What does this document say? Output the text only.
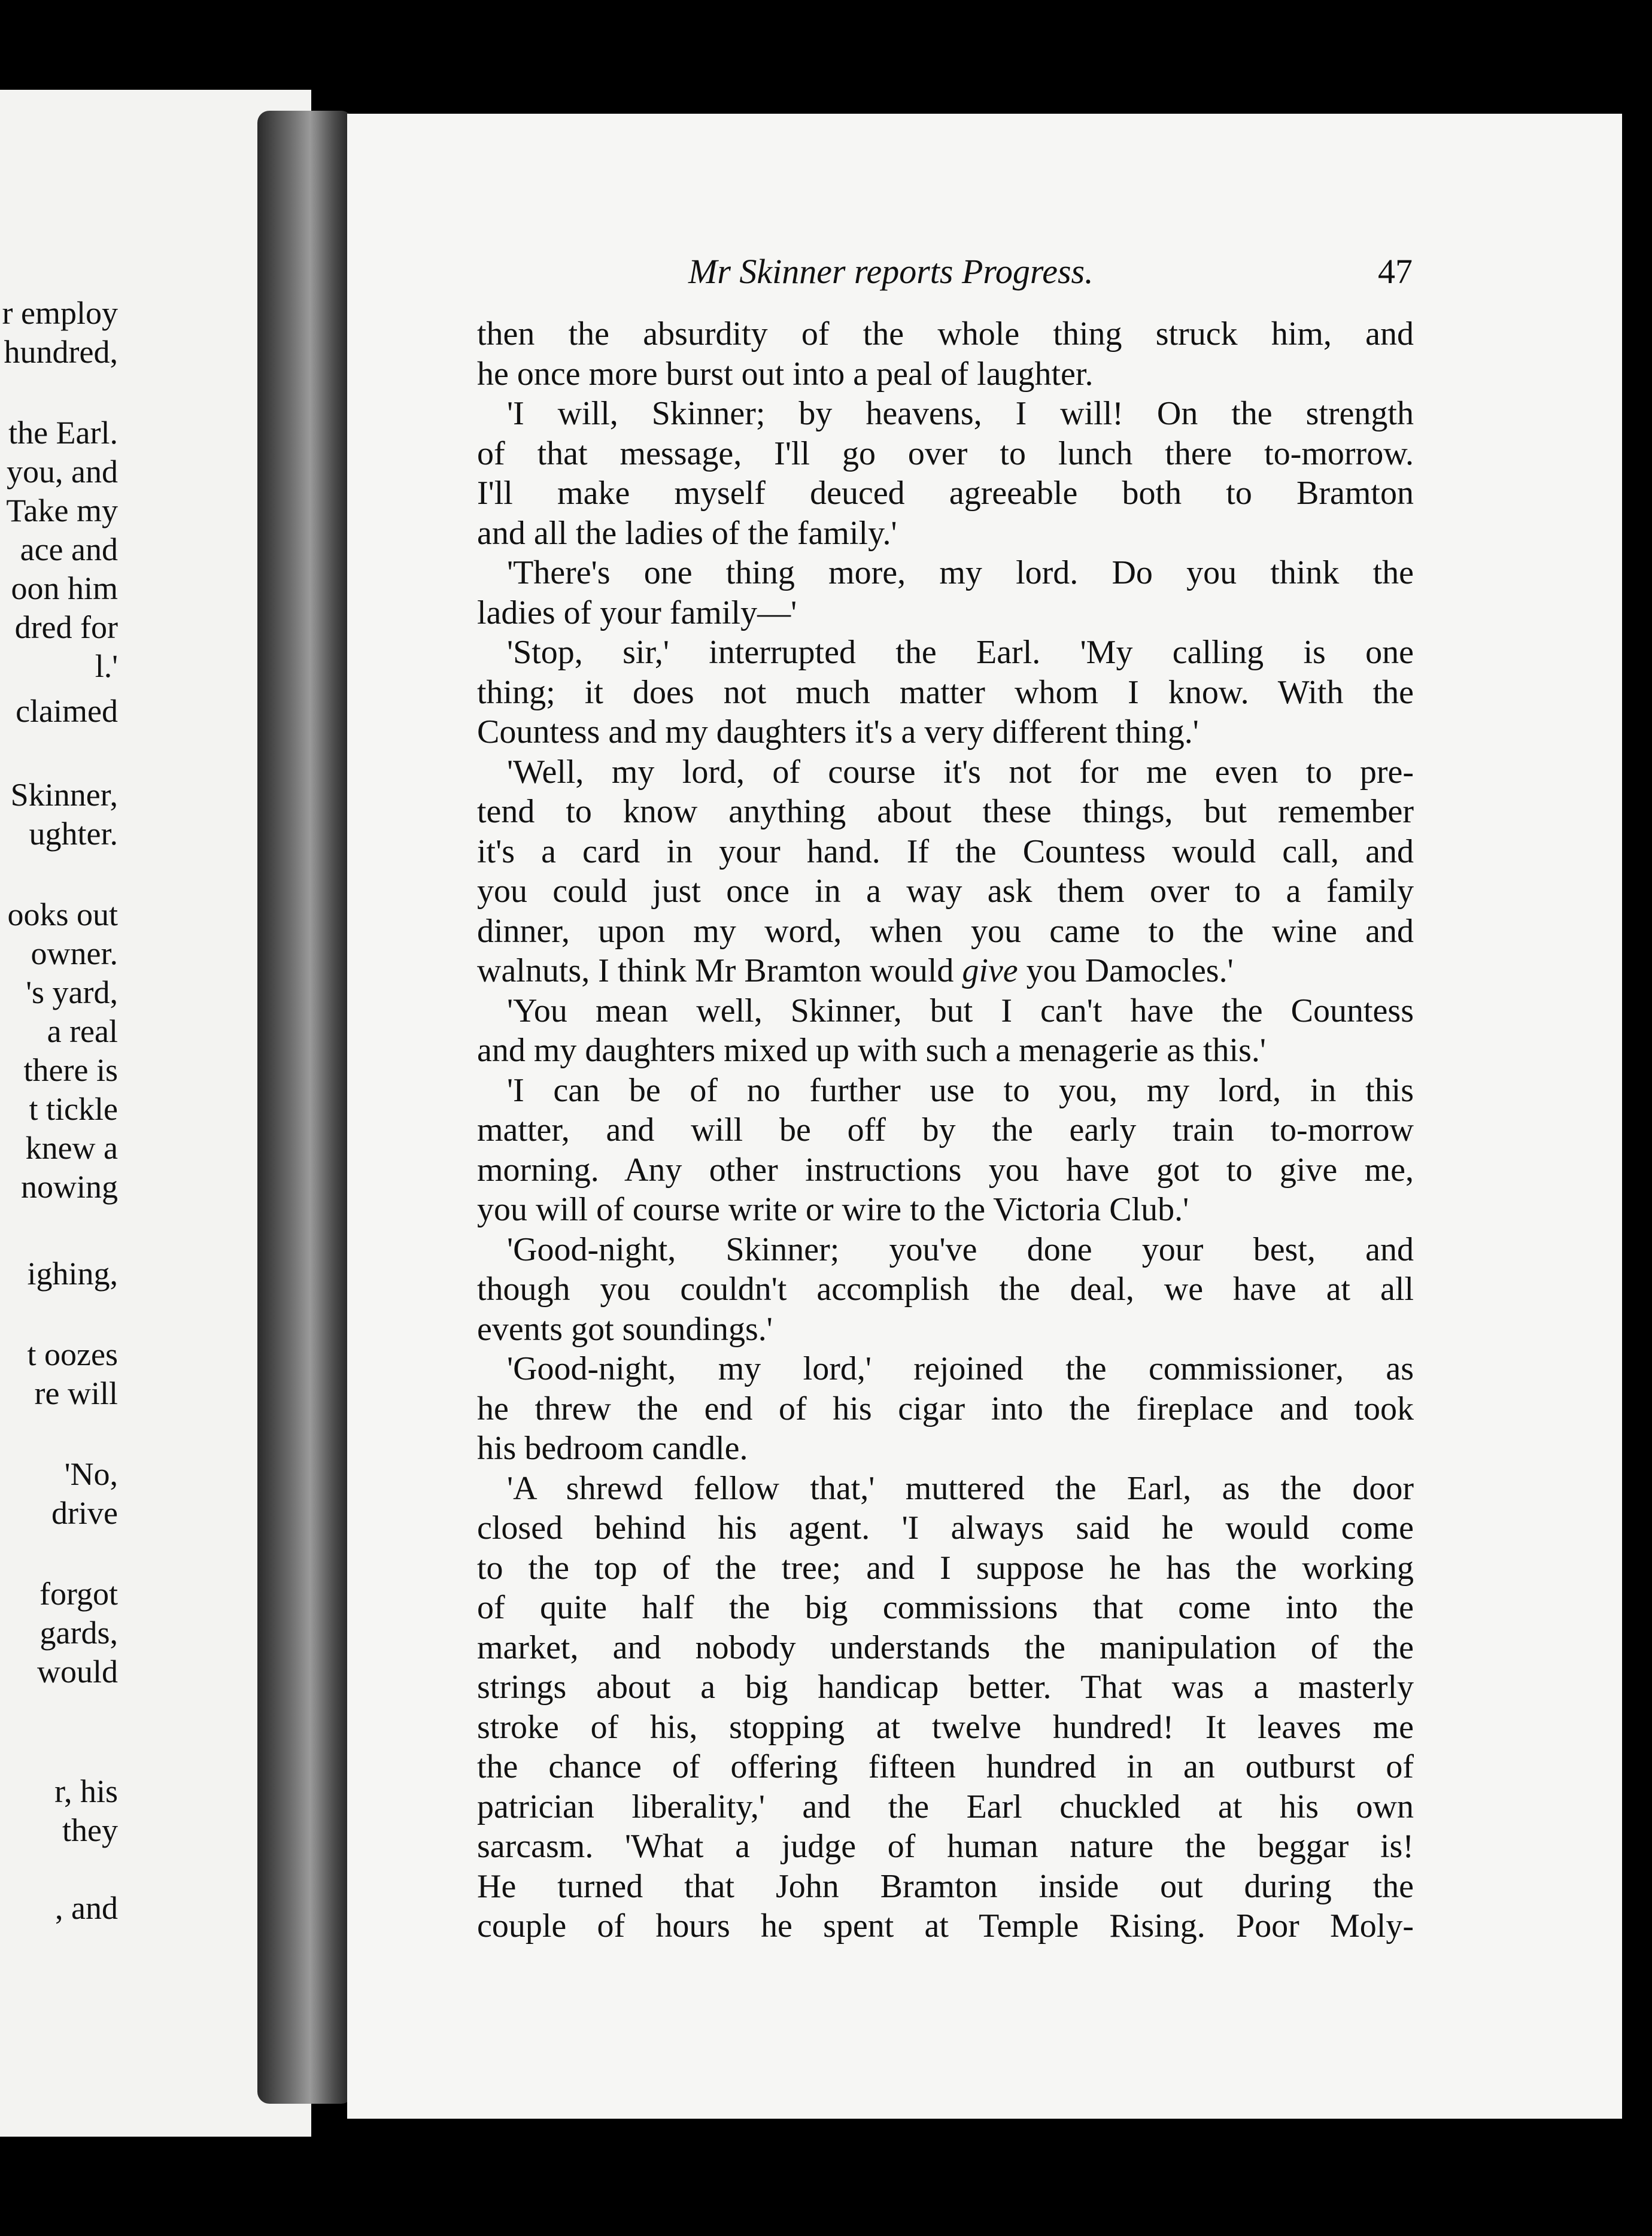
r employ
hundred,
the Earl.
you, and
Take my
ace and
oon him
dred for
l.'
claimed
Skinner,
ughter.
ooks out
owner.
's yard,
a real
there is
t tickle
knew a
nowing
ighing,
t oozes
re will
'No,
drive
forgot
gards,
would
r, his
they
, and
Mr Skinner reports Progress.	47
then the absurdity of the whole thing struck him, and
he once more burst out into a peal of laughter.
'I will, Skinner; by heavens, I will! On the strength
of that message, I'll go over to lunch there to-morrow.
I'll make myself deuced agreeable both to Bramton
and all the ladies of the family.'
'There's one thing more, my lord. Do you think the
ladies of your family—'
'Stop, sir,' interrupted the Earl. 'My calling is one
thing; it does not much matter whom I know. With the
Countess and my daughters it's a very different thing.'
'Well, my lord, of course it's not for me even to pre-
tend to know anything about these things, but remember
it's a card in your hand. If the Countess would call, and
you could just once in a way ask them over to a family
dinner, upon my word, when you came to the wine and
walnuts, I think Mr Bramton would give you Damocles.'
'You mean well, Skinner, but I can't have the Countess
and my daughters mixed up with such a menagerie as this.'
'I can be of no further use to you, my lord, in this
matter, and will be off by the early train to-morrow
morning. Any other instructions you have got to give me,
you will of course write or wire to the Victoria Club.'
'Good-night, Skinner; you've done your best, and
though you couldn't accomplish the deal, we have at all
events got soundings.'
'Good-night, my lord,' rejoined the commissioner, as
he threw the end of his cigar into the fireplace and took
his bedroom candle.
'A shrewd fellow that,' muttered the Earl, as the door
closed behind his agent. 'I always said he would come
to the top of the tree; and I suppose he has the working
of quite half the big commissions that come into the
market, and nobody understands the manipulation of the
strings about a big handicap better. That was a masterly
stroke of his, stopping at twelve hundred! It leaves me
the chance of offering fifteen hundred in an outburst of
patrician liberality,' and the Earl chuckled at his own
sarcasm. 'What a judge of human nature the beggar is!
He turned that John Bramton inside out during the
couple of hours he spent at Temple Rising. Poor Moly-
